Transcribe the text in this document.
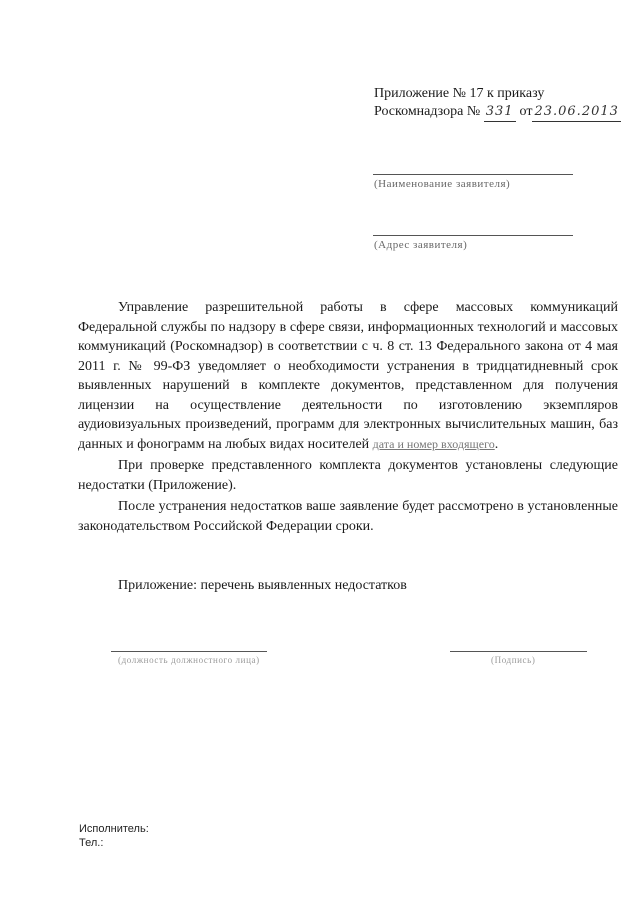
Приложение № 17 к приказу
Роскомнадзора № 331 от 23.06.2013
(Наименование заявителя)
(Адрес заявителя)

Управление разрешительной работы в сфере массовых коммуникаций Федеральной службы по надзору в сфере связи, информационных технологий и массовых коммуникаций (Роскомнадзор) в соответствии с ч. 8 ст. 13 Федерального закона от 4 мая 2011 г. № 99-ФЗ уведомляет о необходимости устранения в тридцатидневный срок выявленных нарушений в комплекте документов, представленном для получения лицензии на осуществление деятельности по изготовлению экземпляров аудиовизуальных произведений, программ для электронных вычислительных машин, баз данных и фонограмм на любых видах носителей дата и номер входящего.

При проверке представленного комплекта документов установлены следующие недостатки (Приложение).

После устранения недостатков ваше заявление будет рассмотрено в установленные законодательством Российской Федерации сроки.

Приложение: перечень выявленных недостатков
(должность должностного лица)	(Подпись)
Исполнитель:
Тел.:
